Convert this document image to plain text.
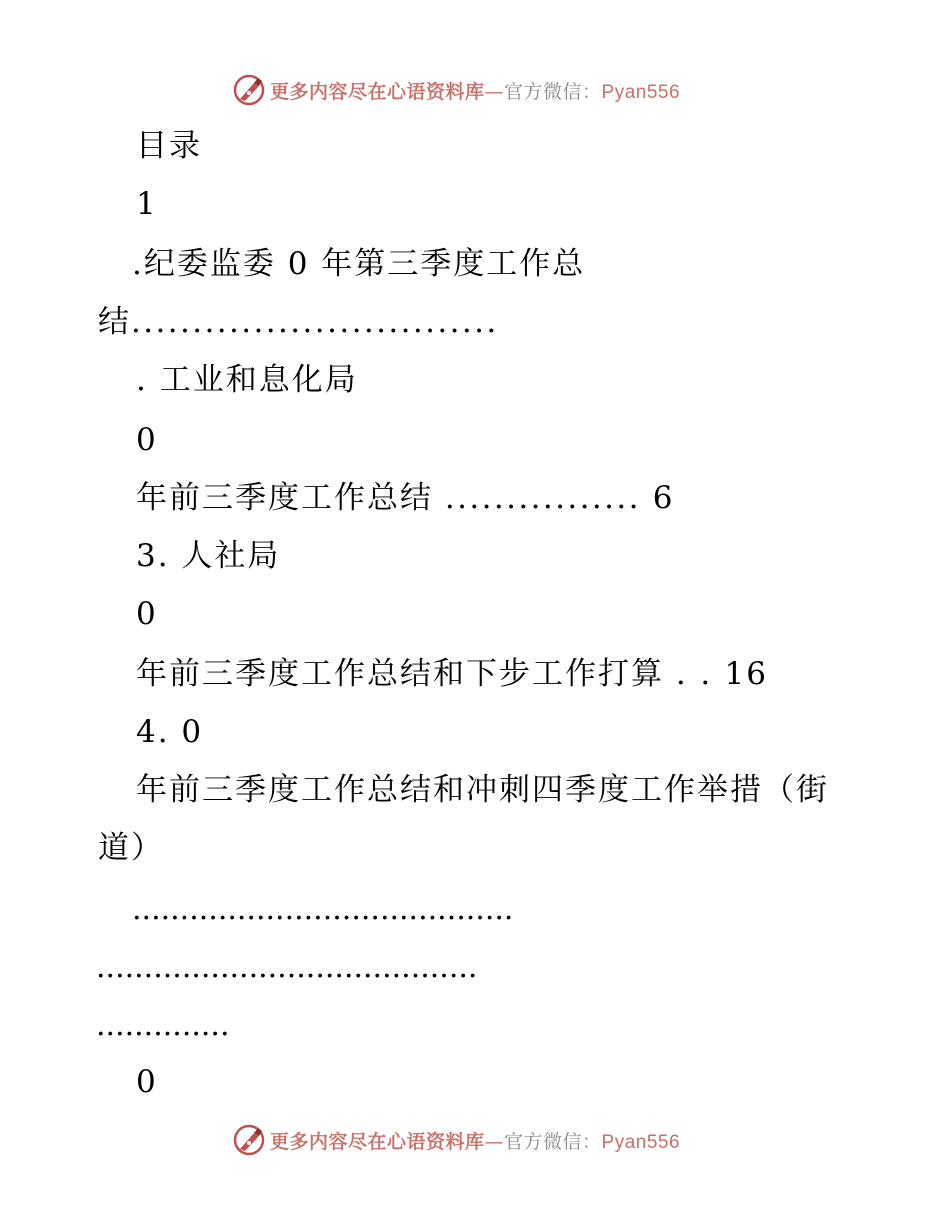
更多内容尽在心语资料库—官方微信：Pyan556
目录
1
.纪委监委 0 年第三季度工作总
结..............................
. 工业和息化局
0
年前三季度工作总结 ................ 6
3. 人社局
0
年前三季度工作总结和下步工作打算 . . 16
4. 0
年前三季度工作总结和冲刺四季度工作举措（街
道）
........................................
........................................
..............
0
更多内容尽在心语资料库—官方微信：Pyan556
